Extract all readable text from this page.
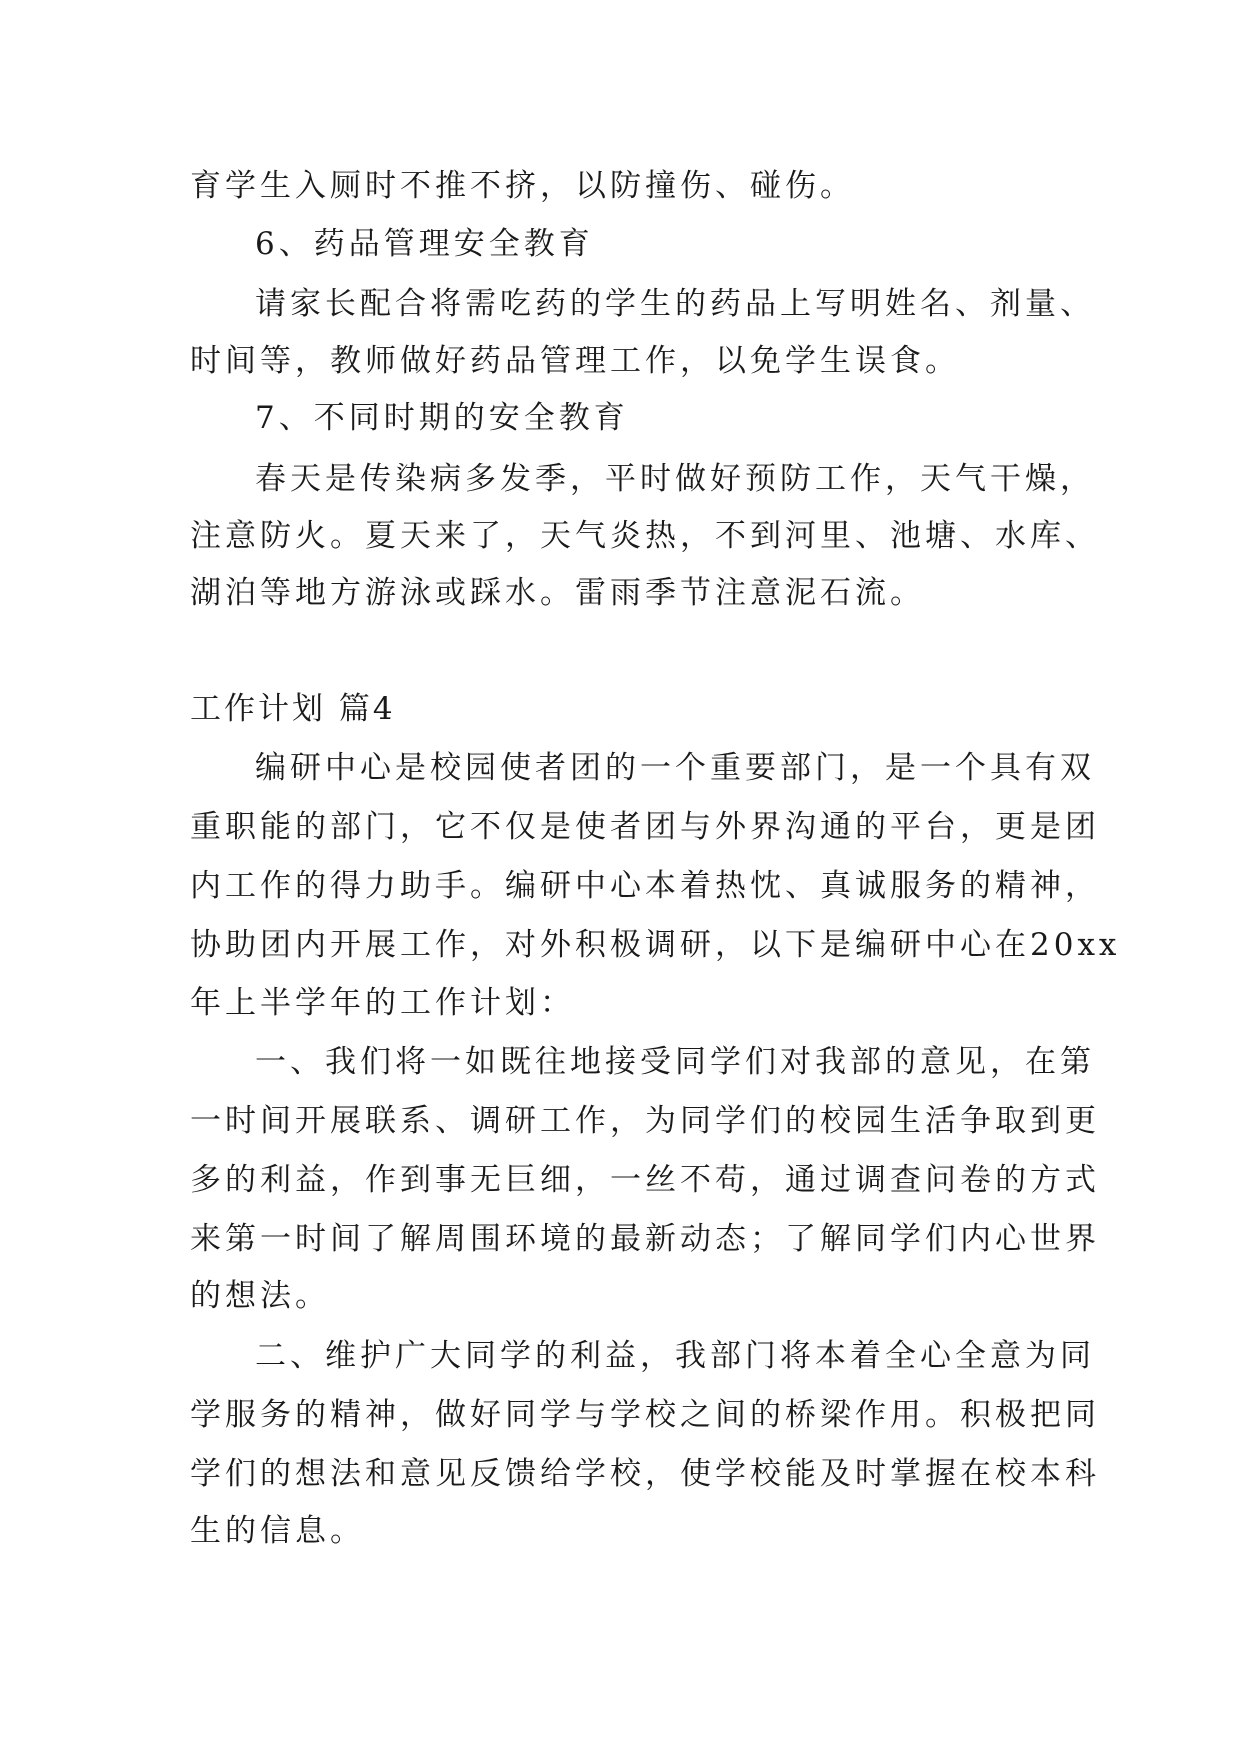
育学生入厕时不推不挤，以防撞伤、碰伤。

6、药品管理安全教育

请家长配合将需吃药的学生的药品上写明姓名、剂量、

时间等，教师做好药品管理工作，以免学生误食。

7、不同时期的安全教育

春天是传染病多发季，平时做好预防工作，天气干燥，

注意防火。夏天来了，天气炎热，不到河里、池塘、水库、

湖泊等地方游泳或踩水。雷雨季节注意泥石流。

工作计划 篇4

编研中心是校园使者团的一个重要部门，是一个具有双

重职能的部门，它不仅是使者团与外界沟通的平台，更是团

内工作的得力助手。编研中心本着热忱、真诚服务的精神，

协助团内开展工作，对外积极调研，以下是编研中心在20xx

年上半学年的工作计划：

一、我们将一如既往地接受同学们对我部的意见，在第

一时间开展联系、调研工作，为同学们的校园生活争取到更

多的利益，作到事无巨细，一丝不苟，通过调查问卷的方式

来第一时间了解周围环境的最新动态；了解同学们内心世界

的想法。

二、维护广大同学的利益，我部门将本着全心全意为同

学服务的精神，做好同学与学校之间的桥梁作用。积极把同

学们的想法和意见反馈给学校，使学校能及时掌握在校本科

生的信息。
